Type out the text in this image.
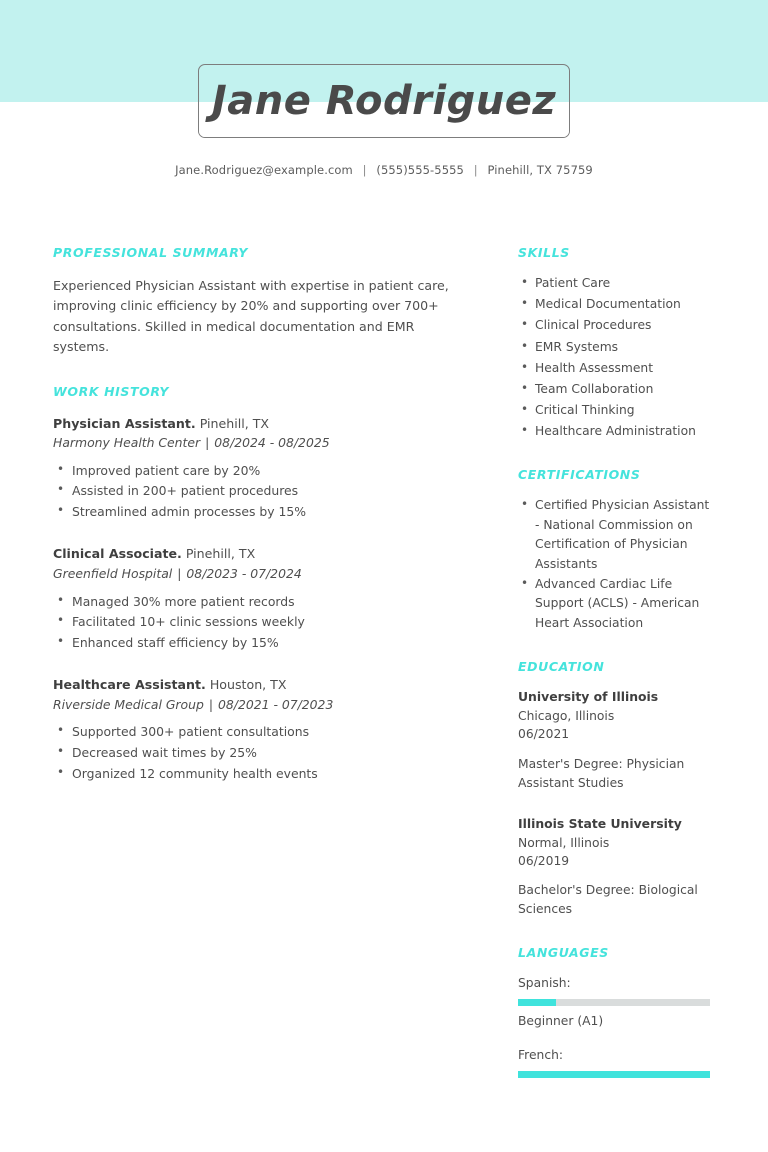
Jane Rodriguez
Jane.Rodriguez@example.com | (555)555-5555 | Pinehill, TX 75759
PROFESSIONAL SUMMARY

Experienced Physician Assistant with expertise in patient care, improving clinic efficiency by 20% and supporting over 700+ consultations. Skilled in medical documentation and EMR systems.

WORK HISTORY
Physician Assistant. Pinehill, TX
Harmony Health Center | 08/2024 - 08/2025
• Improved patient care by 20%
• Assisted in 200+ patient procedures
• Streamlined admin processes by 15%
Clinical Associate. Pinehill, TX
Greenfield Hospital | 08/2023 - 07/2024
• Managed 30% more patient records
• Facilitated 10+ clinic sessions weekly
• Enhanced staff efficiency by 15%
Healthcare Assistant. Houston, TX
Riverside Medical Group | 08/2021 - 07/2023
• Supported 300+ patient consultations
• Decreased wait times by 25%
• Organized 12 community health events
SKILLS
• Patient Care
• Medical Documentation
• Clinical Procedures
• EMR Systems
• Health Assessment
• Team Collaboration
• Critical Thinking
• Healthcare Administration
CERTIFICATIONS
• Certified Physician Assistant - National Commission on Certification of Physician Assistants
• Advanced Cardiac Life Support (ACLS) - American Heart Association
EDUCATION
University of Illinois
Chicago, Illinois
06/2021
Master's Degree: Physician Assistant Studies
Illinois State University
Normal, Illinois
06/2019
Bachelor's Degree: Biological Sciences
LANGUAGES
Spanish:
Beginner (A1)
French:
